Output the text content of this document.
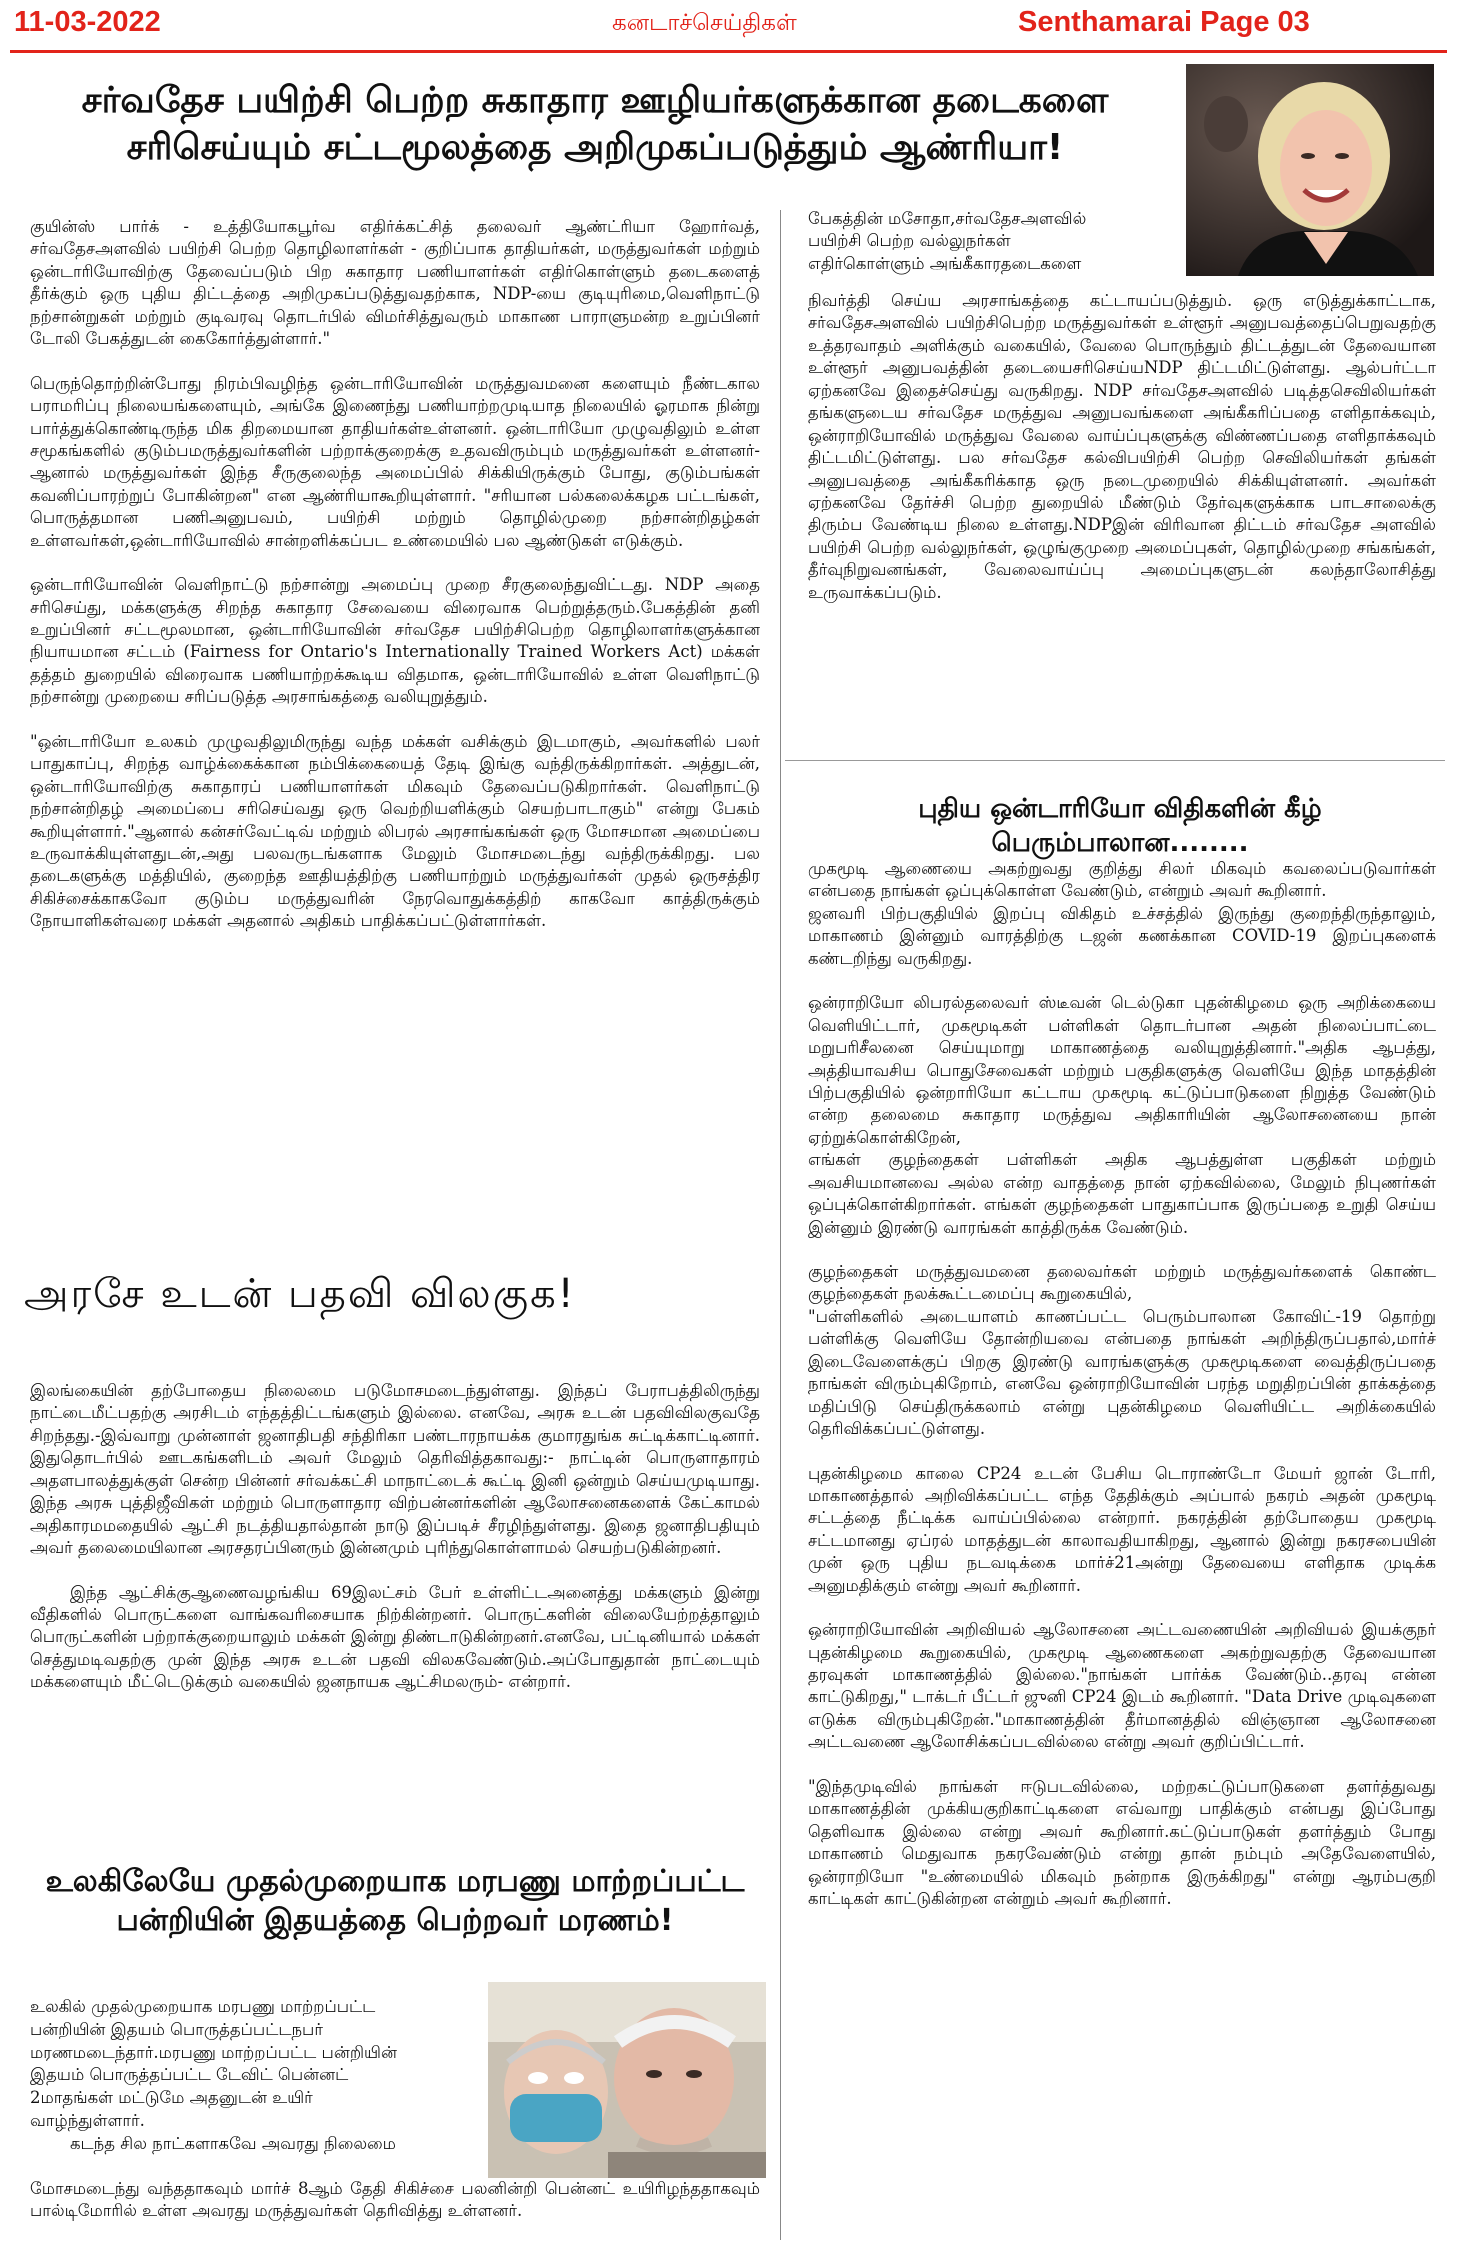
11-03-2022	கனடாச்செய்திகள்	Senthamarai Page 03
சர்வதேச பயிற்சி பெற்ற சுகாதார ஊழியர்களுக்கான தடைகளை
சரிசெய்யும் சட்டமூலத்தை அறிமுகப்படுத்தும் ஆண்ரியா!

குயின்ஸ் பார்க் - உத்தியோகபூர்வ எதிர்க்கட்சித் தலைவர் ஆண்ட்ரியா ஹோர்வத், சர்வதேசஅளவில் பயிற்சி பெற்ற தொழிலாளர்கள் - குறிப்பாக தாதியர்கள், மருத்துவர்கள் மற்றும் ஒன்டாரியோவிற்கு தேவைப்படும் பிற சுகாதார பணியாளர்கள் எதிர்கொள்ளும் தடைகளைத் தீர்க்கும் ஒரு புதிய திட்டத்தை அறிமுகப்படுத்துவதற்காக, NDP-யை குடியுரிமை,வெளிநாட்டு நற்சான்றுகள் மற்றும் குடிவரவு தொடர்பில் விமர்சித்துவரும் மாகாண பாராளுமன்ற உறுப்பினர் டோலி பேகத்துடன் கைகோர்த்துள்ளார்."

பெருந்தொற்றின்போது நிரம்பிவழிந்த ஒன்டாரியோவின் மருத்துவமனை களையும் நீண்டகால பராமரிப்பு நிலையங்களையும், அங்கே இணைந்து பணியாற்றமுடியாத நிலையில் ஓரமாக நின்று பார்த்துக்கொண்டிருந்த மிக திறமையான தாதியர்கள்உள்ளனர். ஒன்டாரியோ முழுவதிலும் உள்ள சமூகங்களில் குடும்பமருத்துவர்களின் பற்றாக்குறைக்கு உதவவிரும்பும் மருத்துவர்கள் உள்ளனர்- ஆனால் மருத்துவர்கள் இந்த சீருகுலைந்த அமைப்பில் சிக்கியிருக்கும் போது, குடும்பங்கள் கவனிப்பாரற்றுப் போகின்றன" என ஆண்ரியாகூறியுள்ளார். "சரியான பல்கலைக்கழக பட்டங்கள், பொருத்தமான பணிஅனுபவம், பயிற்சி மற்றும் தொழில்முறை நற்சான்றிதழ்கள் உள்ளவர்கள்,ஒன்டாரியோவில் சான்றளிக்கப்பட உண்மையில் பல ஆண்டுகள் எடுக்கும்.

ஒன்டாரியோவின் வெளிநாட்டு நற்சான்று அமைப்பு முறை சீரகுலைந்துவிட்டது. NDP அதை சரிசெய்து, மக்களுக்கு சிறந்த சுகாதார சேவையை விரைவாக பெற்றுத்தரும்.பேகத்தின் தனி உறுப்பினர் சட்டமூலமான, ஒன்டாரியோவின் சர்வதேச பயிற்சிபெற்ற தொழிலாளர்களுக்கான நியாயமான சட்டம் (Fairness for Ontario's Internationally Trained Workers Act) மக்கள் தத்தம் துறையில் விரைவாக பணியாற்றக்கூடிய விதமாக, ஒன்டாரியோவில் உள்ள வெளிநாட்டு நற்சான்று முறையை சரிப்படுத்த அரசாங்கத்தை வலியுறுத்தும்.

"ஒன்டாரியோ உலகம் முழுவதிலுமிருந்து வந்த மக்கள் வசிக்கும் இடமாகும், அவர்களில் பலர் பாதுகாப்பு, சிறந்த வாழ்க்கைக்கான நம்பிக்கையைத் தேடி இங்கு வந்திருக்கிறார்கள். அத்துடன், ஒன்டாரியோவிற்கு சுகாதாரப் பணியாளர்கள் மிகவும் தேவைப்படுகிறார்கள். வெளிநாட்டு நற்சான்றிதழ் அமைப்பை சரிசெய்வது ஒரு வெற்றியளிக்கும் செயற்பாடாகும்" என்று பேகம் கூறியுள்ளார்."ஆனால் கன்சர்வேட்டிவ் மற்றும் லிபரல் அரசாங்கங்கள் ஒரு மோசமான அமைப்பை உருவாக்கியுள்ளதுடன்,அது பலவருடங்களாக மேலும் மோசமடைந்து வந்திருக்கிறது. பல தடைகளுக்கு மத்தியில், குறைந்த ஊதியத்திற்கு பணியாற்றும் மருத்துவர்கள் முதல் ஒருசத்திர சிகிச்சைக்காகவோ குடும்ப மருத்துவரின் நேரவொதுக்கத்திற் காகவோ காத்திருக்கும் நோயாளிகள்வரை மக்கள் அதனால் அதிகம் பாதிக்கப்பட்டுள்ளார்கள்.

பேகத்தின் மசோதா,சர்வதேசஅளவில்
பயிற்சி பெற்ற வல்லுநர்கள்
எதிர்கொள்ளும் அங்கீகாரதடைகளை

நிவர்த்தி செய்ய அரசாங்கத்தை கட்டாயப்படுத்தும். ஒரு எடுத்துக்காட்டாக, சர்வதேசஅளவில் பயிற்சிபெற்ற மருத்துவர்கள் உள்ளூர் அனுபவத்தைப்பெறுவதற்கு உத்தரவாதம் அளிக்கும் வகையில், வேலை பொருந்தும் திட்டத்துடன் தேவையான உள்ளூர் அனுபவத்தின் தடையைசரிசெய்யNDP திட்டமிட்டுள்ளது. ஆல்பர்ட்டா ஏற்கனவே இதைச்செய்து வருகிறது. NDP சர்வதேசஅளவில் படித்தசெவிலியர்கள் தங்களுடைய சர்வதேச மருத்துவ அனுபவங்களை அங்கீகரிப்பதை எளிதாக்கவும், ஒன்ராறியோவில் மருத்துவ வேலை வாய்ப்புகளுக்கு விண்ணப்பதை எளிதாக்கவும் திட்டமிட்டுள்ளது. பல சர்வதேச கல்விபயிற்சி பெற்ற செவிலியர்கள் தங்கள் அனுபவத்தை அங்கீகரிக்காத ஒரு நடைமுறையில் சிக்கியுள்ளனர். அவர்கள் ஏற்கனவே தேர்ச்சி பெற்ற துறையில் மீண்டும் தேர்வுகளுக்காக பாடசாலைக்கு திரும்ப வேண்டிய நிலை உள்ளது.NDPஇன் விரிவான திட்டம் சர்வதேச அளவில் பயிற்சி பெற்ற வல்லுநர்கள், ஒழுங்குமுறை அமைப்புகள், தொழில்முறை சங்கங்கள், தீர்வுநிறுவனங்கள், வேலைவாய்ப்பு அமைப்புகளுடன் கலந்தாலோசித்து உருவாக்கப்படும்.

புதிய ஒன்டாரியோ விதிகளின் கீழ் பெரும்பாலான........

முகமூடி ஆணையை அகற்றுவது குறித்து சிலர் மிகவும் கவலைப்படுவார்கள் என்பதை நாங்கள் ஒப்புக்கொள்ள வேண்டும், என்றும் அவர் கூறினார்.

ஜனவரி பிற்பகுதியில் இறப்பு விகிதம் உச்சத்தில் இருந்து குறைந்திருந்தாலும், மாகாணம் இன்னும் வாரத்திற்கு டஜன் கணக்கான COVID-19 இறப்புகளைக் கண்டறிந்து வருகிறது.

ஒன்ராறியோ லிபரல்தலைவர் ஸ்டீவன் டெல்டுகா புதன்கிழமை ஒரு அறிக்கையை வெளியிட்டார், முகமூடிகள் பள்ளிகள் தொடர்பான அதன் நிலைப்பாட்டை மறுபரிசீலனை செய்யுமாறு மாகாணத்தை வலியுறுத்தினார்."அதிக ஆபத்து, அத்தியாவசிய பொதுசேவைகள் மற்றும் பகுதிகளுக்கு வெளியே இந்த மாதத்தின் பிற்பகுதியில் ஒன்றாரியோ கட்டாய முகமூடி கட்டுப்பாடுகளை நிறுத்த வேண்டும் என்ற தலைமை சுகாதார மருத்துவ அதிகாரியின் ஆலோசனையை நான் ஏற்றுக்கொள்கிறேன்,

எங்கள் குழந்தைகள் பள்ளிகள் அதிக ஆபத்துள்ள பகுதிகள் மற்றும் அவசியமானவை அல்ல என்ற வாதத்தை நான் ஏற்கவில்லை, மேலும் நிபுணர்கள் ஒப்புக்கொள்கிறார்கள். எங்கள் குழந்தைகள் பாதுகாப்பாக இருப்பதை உறுதி செய்ய இன்னும் இரண்டு வாரங்கள் காத்திருக்க வேண்டும்.

குழந்தைகள் மருத்துவமனை தலைவர்கள் மற்றும் மருத்துவர்களைக் கொண்ட குழந்தைகள் நலக்கூட்டமைப்பு கூறுகையில்,

"பள்ளிகளில் அடையாளம் காணப்பட்ட பெரும்பாலான கோவிட்-19 தொற்று பள்ளிக்கு வெளியே தோன்றியவை என்பதை நாங்கள் அறிந்திருப்பதால்,மார்ச் இடைவேளைக்குப் பிறகு இரண்டு வாரங்களுக்கு முகமூடிகளை வைத்திருப்பதை நாங்கள் விரும்புகிறோம், எனவே ஒன்ராறியோவின் பரந்த மறுதிறப்பின் தாக்கத்தை மதிப்பிடு செய்திருக்கலாம் என்று புதன்கிழமை வெளியிட்ட அறிக்கையில் தெரிவிக்கப்பட்டுள்ளது.

புதன்கிழமை காலை CP24 உடன் பேசிய டொராண்டோ மேயர் ஜான் டோரி, மாகாணத்தால் அறிவிக்கப்பட்ட எந்த தேதிக்கும் அப்பால் நகரம் அதன் முகமூடி சட்டத்தை நீட்டிக்க வாய்ப்பில்லை என்றார். நகரத்தின் தற்போதைய முகமூடி சட்டமானது ஏப்ரல் மாதத்துடன் காலாவதியாகிறது, ஆனால் இன்று நகரசபையின் முன் ஒரு புதிய நடவடிக்கை மார்ச்21அன்று தேவையை எளிதாக முடிக்க அனுமதிக்கும் என்று அவர் கூறினார்.

ஒன்ராறியோவின் அறிவியல் ஆலோசனை அட்டவணையின் அறிவியல் இயக்குநர் புதன்கிழமை கூறுகையில், முகமூடி ஆணைகளை அகற்றுவதற்கு தேவையான தரவுகள் மாகாணத்தில் இல்லை."நாங்கள் பார்க்க வேண்டும்..தரவு என்ன காட்டுகிறது," டாக்டர் பீட்டர் ஜுனி CP24 இடம் கூறினார். "Data Drive முடிவுகளை எடுக்க விரும்புகிறேன்."மாகாணத்தின் தீர்மானத்தில் விஞ்ஞான ஆலோசனை அட்டவணை ஆலோசிக்கப்படவில்லை என்று அவர் குறிப்பிட்டார்.

"இந்தமுடிவில் நாங்கள் ஈடுபடவில்லை, மற்றகட்டுப்பாடுகளை தளர்த்துவது மாகாணத்தின் முக்கியகுறிகாட்டிகளை எவ்வாறு பாதிக்கும் என்பது இப்போது தெளிவாக இல்லை என்று அவர் கூறினார்.கட்டுப்பாடுகள் தளர்த்தும் போது மாகாணம் மெதுவாக நகரவேண்டும் என்று தான் நம்பும் அதேவேளையில், ஒன்ராறியோ "உண்மையில் மிகவும் நன்றாக இருக்கிறது" என்று ஆரம்பகுறி காட்டிகள் காட்டுகின்றன என்றும் அவர் கூறினார்.

அரசே உடன் பதவி விலகுக!

இலங்கையின் தற்போதைய நிலைமை படுமோசமடைந்துள்ளது. இந்தப் பேராபத்திலிருந்து நாட்டைமீட்பதற்கு அரசிடம் எந்தத்திட்டங்களும் இல்லை. எனவே, அரசு உடன் பதவிவிலகுவதே சிறந்தது.-இவ்வாறு முன்னாள் ஜனாதிபதி சந்திரிகா பண்டாரநாயக்க குமாரதுங்க சுட்டிக்காட்டினார். இதுதொடர்பில் ஊடகங்களிடம் அவர் மேலும் தெரிவித்தகாவது:- நாட்டின் பொருளாதாரம் அதளபாலத்துக்குள் சென்ற பின்னர் சர்வக்கட்சி மாநாட்டைக் கூட்டி இனி ஒன்றும் செய்யமுடியாது. இந்த அரசு புத்திஜீவிகள் மற்றும் பொருளாதார விற்பன்னர்களின் ஆலோசனைகளைக் கேட்காமல் அதிகாரமமதையில் ஆட்சி நடத்தியதால்தான் நாடு இப்படிச் சீரழிந்துள்ளது. இதை ஜனாதிபதியும் அவர் தலைமையிலான அரசதரப்பினரும் இன்னமும் புரிந்துகொள்ளாமல் செயற்படுகின்றனர்.

இந்த ஆட்சிக்குஆணைவழங்கிய 69இலட்சம் பேர் உள்ளிட்டஅனைத்து மக்களும் இன்று வீதிகளில் பொருட்களை வாங்கவரிசையாக நிற்கின்றனர். பொருட்களின் விலையேற்றத்தாலும் பொருட்களின் பற்றாக்குறையாலும் மக்கள் இன்று திண்டாடுகின்றனர்.எனவே, பட்டினியால் மக்கள் செத்துமடிவதற்கு முன் இந்த அரசு உடன் பதவி விலகவேண்டும்.அப்போதுதான் நாட்டையும் மக்களையும் மீட்டெடுக்கும் வகையில் ஜனநாயக ஆட்சிமலரும்- என்றார்.

உலகிலேயே முதல்முறையாக மரபணு மாற்றப்பட்ட
பன்றியின் இதயத்தை பெற்றவர் மரணம்!
உலகில் முதல்முறையாக மரபணு மாற்றப்பட்ட
பன்றியின் இதயம் பொருத்தப்பட்டநபர்
மரணமடைந்தார்.மரபணு மாற்றப்பட்ட பன்றியின்
இதயம் பொருத்தப்பட்ட டேவிட் பென்னட்
2மாதங்கள் மட்டுமே அதனுடன் உயிர்
வாழ்ந்துள்ளார்.
கடந்த சில நாட்களாகவே அவரது நிலைமை

மோசமடைந்து வந்ததாகவும் மார்ச் 8ஆம் தேதி சிகிச்சை பலனின்றி பென்னட் உயிரிழந்ததாகவும் பால்டிமோரில் உள்ள அவரது மருத்துவர்கள் தெரிவித்து உள்ளனர்.
